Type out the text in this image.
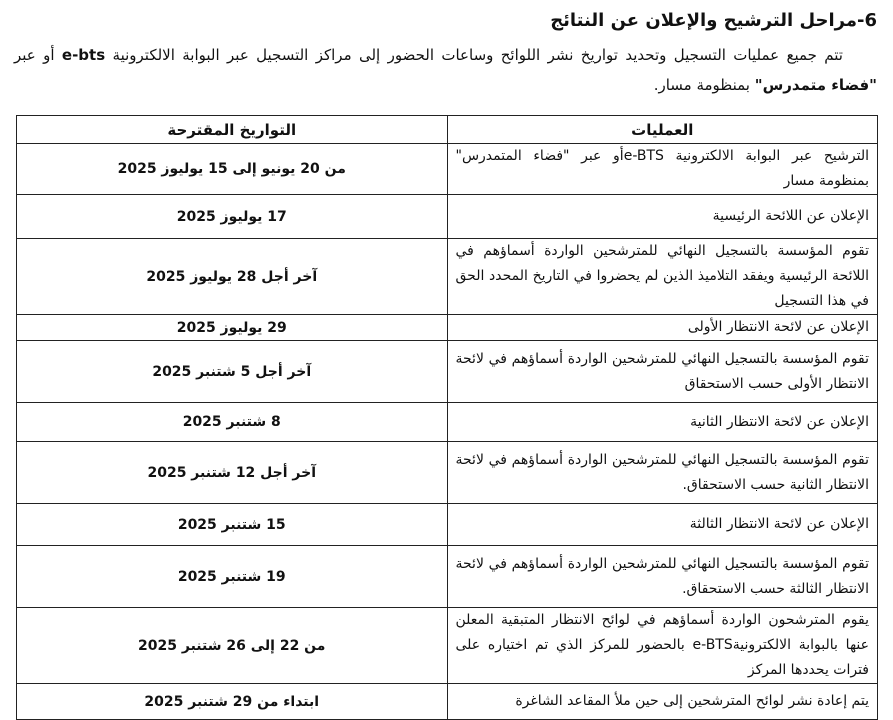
6-مراحل الترشيح والإعلان عن النتائج

تتم جميع عمليات التسجيل وتحديد تواريخ نشر اللوائح وساعات الحضور إلى مراكز التسجيل عبر البوابة الالكترونية e-bts أو عبر "فضاء متمدرس" بمنظومة مسار.

العمليات	التواريخ المقترحة
الترشيح عبر البوابة الالكترونية e-BTSأو عبر "فضاء المتمدرس" بمنظومة مسار	من 20 يونيو إلى 15 يوليوز 2025
الإعلان عن اللائحة الرئيسية	17 يوليوز 2025
تقوم المؤسسة بالتسجيل النهائي للمترشحين الواردة أسماؤهم في اللائحة الرئيسية ويفقد التلاميذ الذين لم يحضروا في التاريخ المحدد الحق في هذا التسجيل	آخر أجل 28 يوليوز 2025
الإعلان عن لائحة الانتظار الأولى	29 يوليوز 2025
تقوم المؤسسة بالتسجيل النهائي للمترشحين الواردة أسماؤهم في لائحة الانتظار الأولى حسب الاستحقاق	آخر أجل 5 شتنبر 2025
الإعلان عن لائحة الانتظار الثانية	8 شتنبر 2025
تقوم المؤسسة بالتسجيل النهائي للمترشحين الواردة أسماؤهم في لائحة الانتظار الثانية حسب الاستحقاق.	آخر أجل 12 شتنبر 2025
الإعلان عن لائحة الانتظار الثالثة	15 شتنبر 2025
تقوم المؤسسة بالتسجيل النهائي للمترشحين الواردة أسماؤهم في لائحة الانتظار الثالثة حسب الاستحقاق.	19 شتنبر 2025
يقوم المترشحون الواردة أسماؤهم في لوائح الانتظار المتبقية المعلن عنها بالبوابة الالكترونيةe-BTS بالحضور للمركز الذي تم اختياره على فترات يحددها المركز	من 22 إلى 26 شتنبر 2025
يتم إعادة نشر لوائح المترشحين إلى حين ملأ المقاعد الشاغرة	ابتداء من 29 شتنبر 2025
